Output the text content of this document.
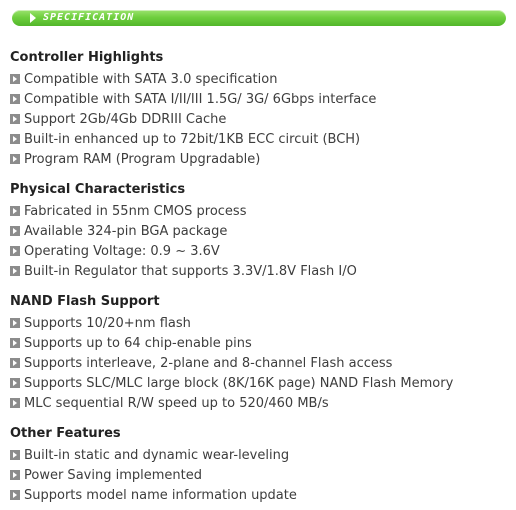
SPECIFICATION
Controller Highlights
Compatible with SATA 3.0 specification
Compatible with SATA I/II/III 1.5G/ 3G/ 6Gbps interface
Support 2Gb/4Gb DDRIII Cache
Built-in enhanced up to 72bit/1KB ECC circuit (BCH)
Program RAM (Program Upgradable)
Physical Characteristics
Fabricated in 55nm CMOS process
Available 324-pin BGA package
Operating Voltage: 0.9 ~ 3.6V
Built-in Regulator that supports 3.3V/1.8V Flash I/O
NAND Flash Support
Supports 10/20+nm flash
Supports up to 64 chip-enable pins
Supports interleave, 2-plane and 8-channel Flash access
Supports SLC/MLC large block (8K/16K page) NAND Flash Memory
MLC sequential R/W speed up to 520/460 MB/s
Other Features
Built-in static and dynamic wear-leveling
Power Saving implemented
Supports model name information update
